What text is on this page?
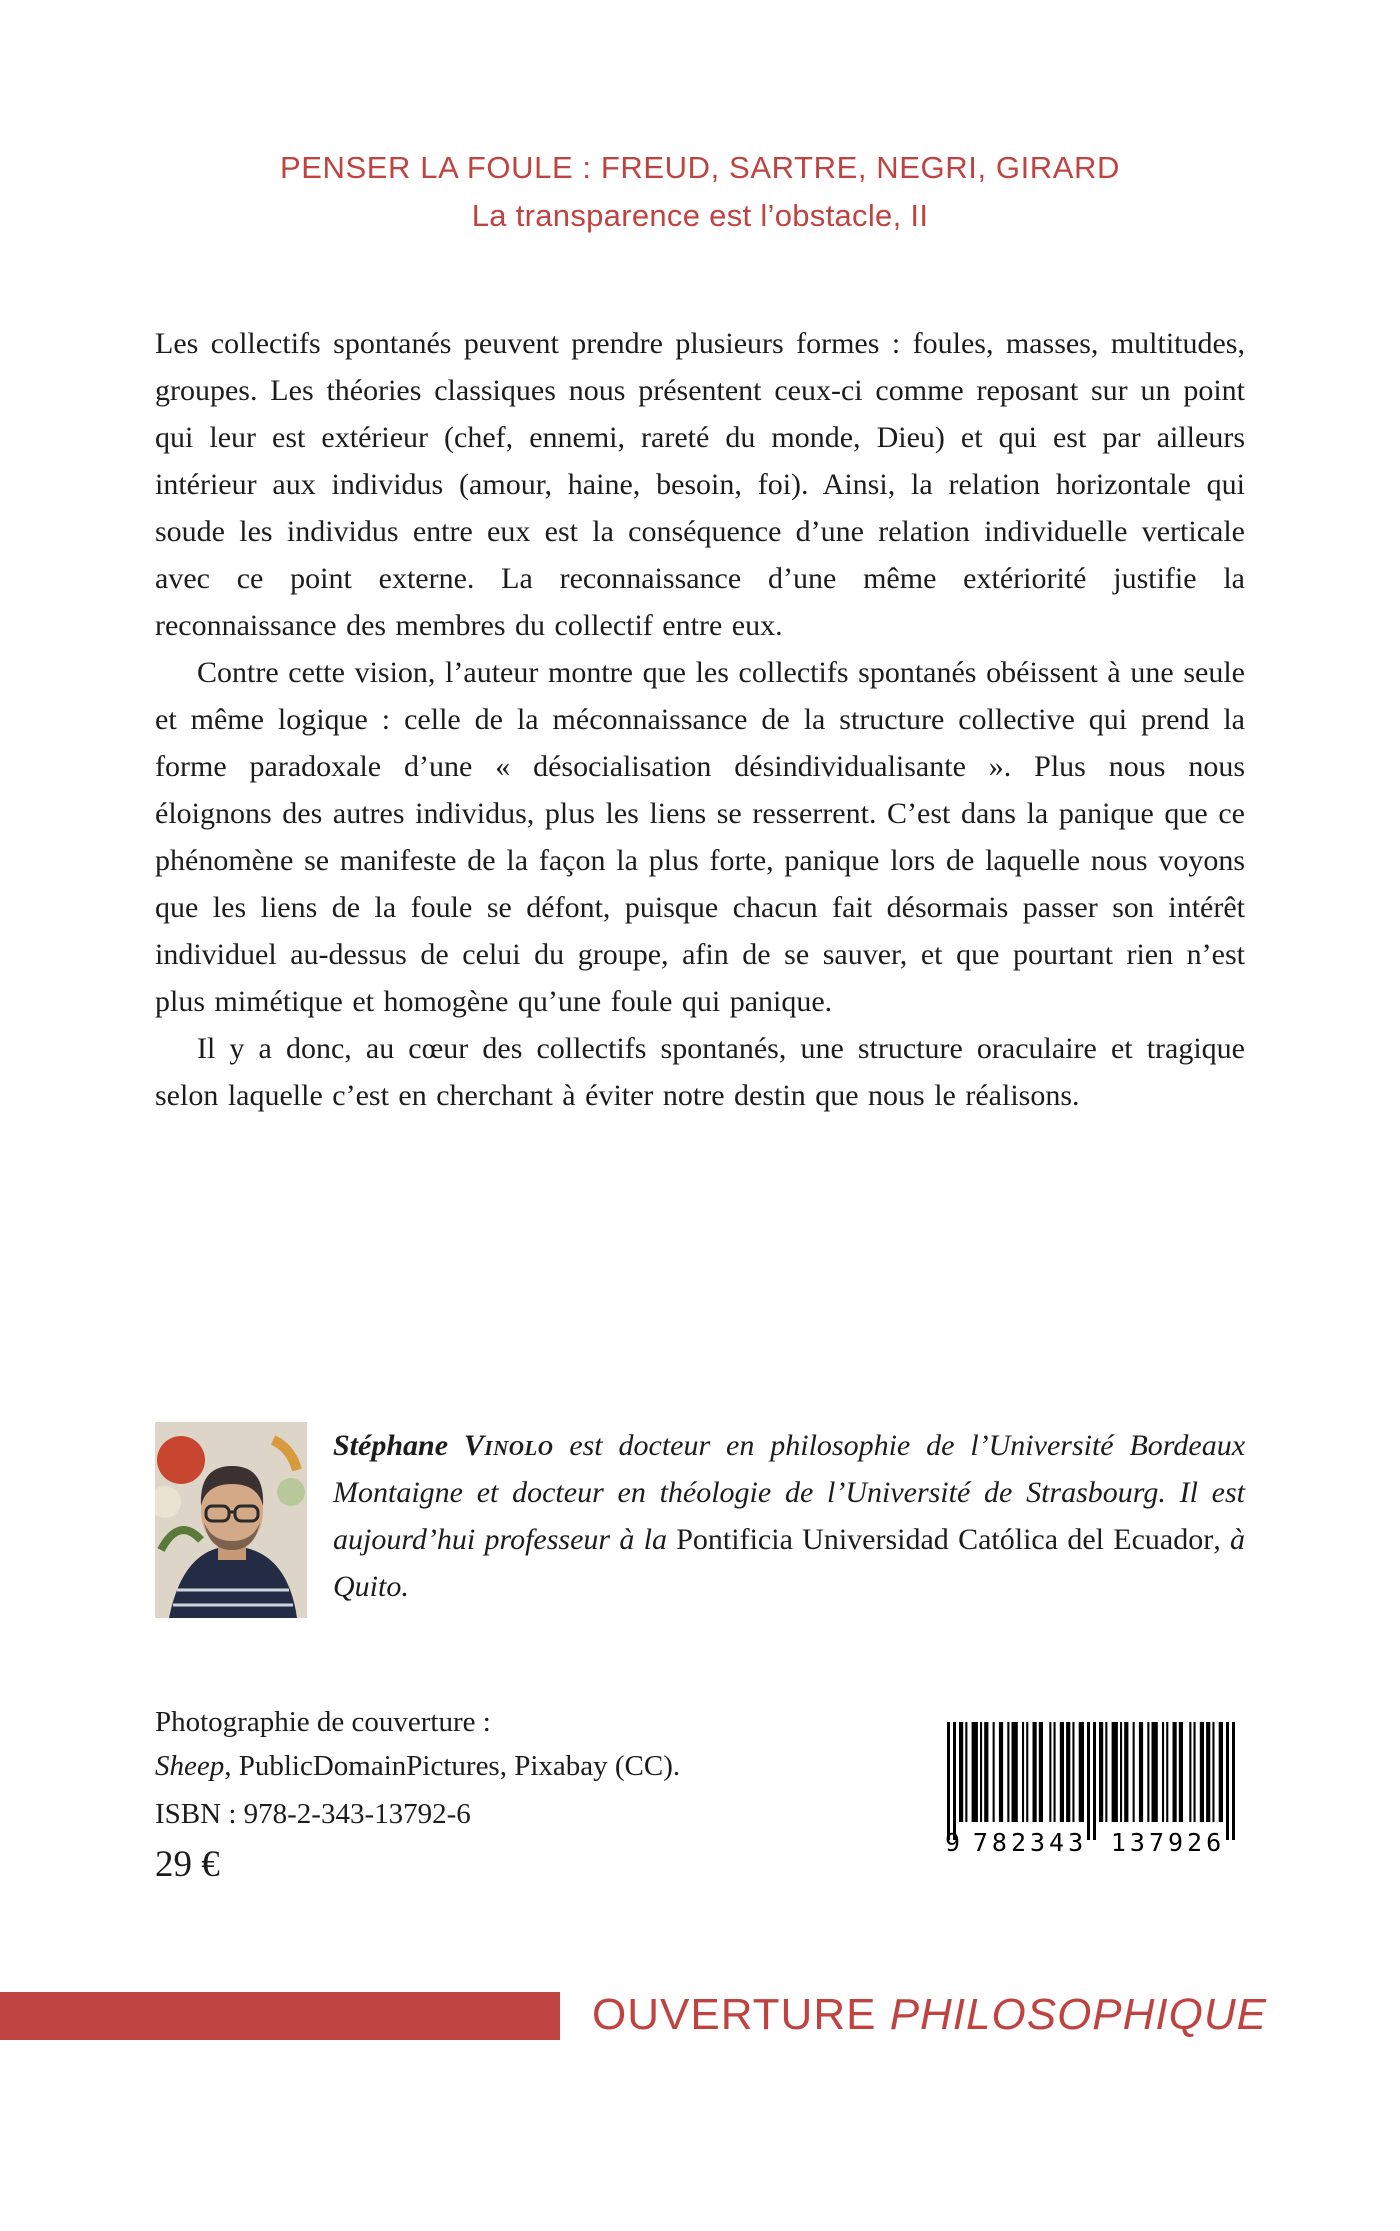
PENSER LA FOULE : FREUD, SARTRE, NEGRI, GIRARD
La transparence est l’obstacle, II

Les collectifs spontanés peuvent prendre plusieurs formes : foules, masses, multitudes, groupes. Les théories classiques nous présentent ceux-ci comme reposant sur un point qui leur est extérieur (chef, ennemi, rareté du monde, Dieu) et qui est par ailleurs intérieur aux individus (amour, haine, besoin, foi). Ainsi, la relation horizontale qui soude les individus entre eux est la conséquence d’une relation individuelle verticale avec ce point externe. La reconnaissance d’une même extériorité justifie la reconnaissance des membres du collectif entre eux.

Contre cette vision, l’auteur montre que les collectifs spontanés obéissent à une seule et même logique : celle de la méconnaissance de la structure collective qui prend la forme paradoxale d’une « désocialisation désindividualisante ». Plus nous nous éloignons des autres individus, plus les liens se resserrent. C’est dans la panique que ce phénomène se manifeste de la façon la plus forte, panique lors de laquelle nous voyons que les liens de la foule se défont, puisque chacun fait désormais passer son intérêt individuel au-dessus de celui du groupe, afin de se sauver, et que pourtant rien n’est plus mimétique et homogène qu’une foule qui panique.

Il y a donc, au cœur des collectifs spontanés, une structure oraculaire et tragique selon laquelle c’est en cherchant à éviter notre destin que nous le réalisons.

Stéphane Vinolo est docteur en philosophie de l’Université Bordeaux Montaigne et docteur en théologie de l’Université de Strasbourg. Il est aujourd’hui professeur à la Pontificia Universidad Católica del Ecuador, à Quito.

Photographie de couverture :
Sheep, PublicDomainPictures, Pixabay (CC).
ISBN : 978-2-343-13792-6
29 €
9 782343 137926
OUVERTURE PHILOSOPHIQUE
